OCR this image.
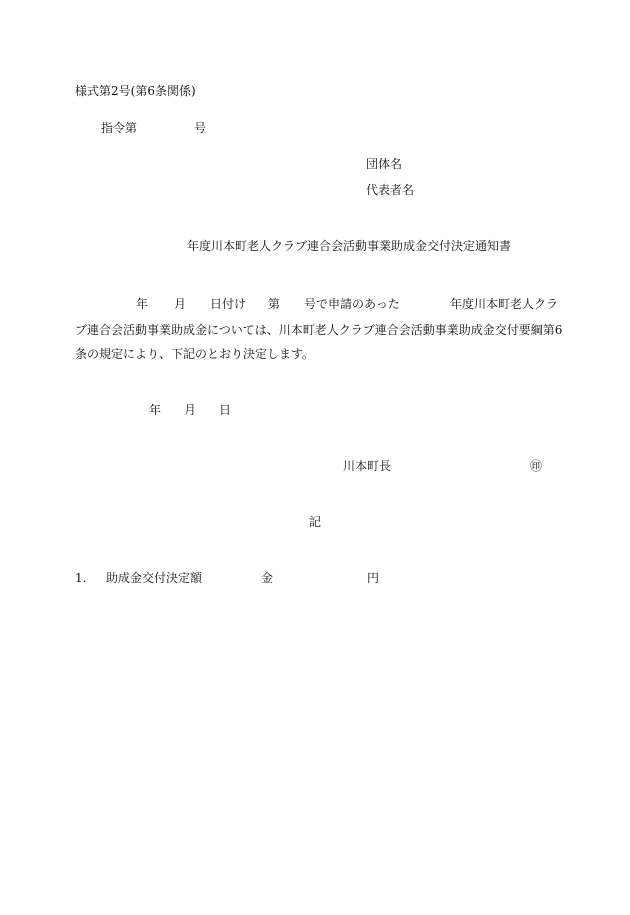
様式第2号(第6条関係)

指令第	号

団体名

代表者名

年度川本町老人クラブ連合会活動事業助成金交付決定通知書

年 月 日付け 第 号で申請のあった	年度川本町老人クラ
ブ連合会活動事業助成金については、川本町老人クラブ連合会活動事業助成金交付要綱第6
条の規定により、下記のとおり決定します。
年 月 日
川本町長	㊞

記

1. 助成金交付決定額	金	円
